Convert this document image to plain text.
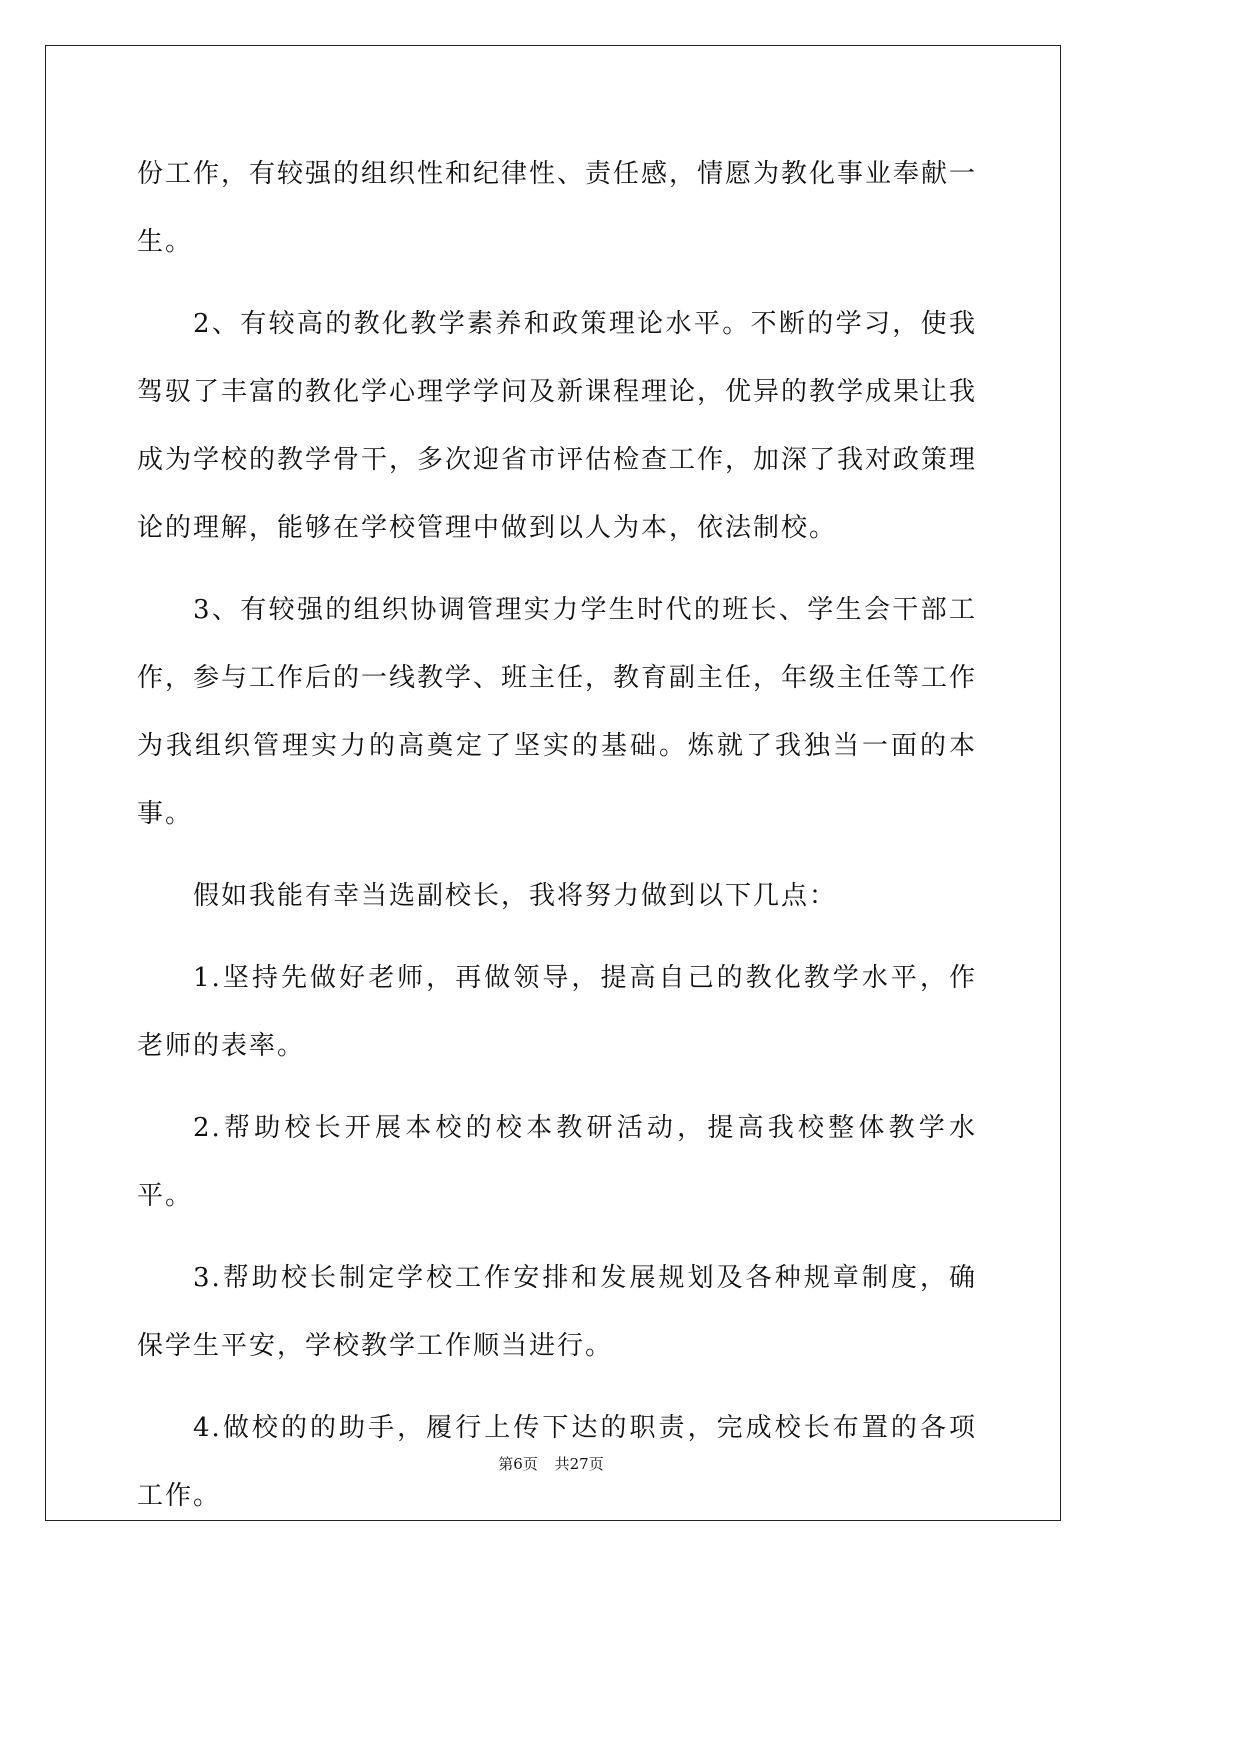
份工作，有较强的组织性和纪律性、责任感，情愿为教化事业奉献一生。

2、有较高的教化教学素养和政策理论水平。不断的学习，使我驾驭了丰富的教化学心理学学问及新课程理论，优异的教学成果让我成为学校的教学骨干，多次迎省市评估检查工作，加深了我对政策理论的理解，能够在学校管理中做到以人为本，依法制校。

3、有较强的组织协调管理实力学生时代的班长、学生会干部工作，参与工作后的一线教学、班主任，教育副主任，年级主任等工作为我组织管理实力的高奠定了坚实的基础。炼就了我独当一面的本事。

假如我能有幸当选副校长，我将努力做到以下几点：

1.坚持先做好老师，再做领导，提高自己的教化教学水平，作老师的表率。

2.帮助校长开展本校的校本教研活动，提高我校整体教学水平。

3.帮助校长制定学校工作安排和发展规划及各种规章制度，确保学生平安，学校教学工作顺当进行。

4.做校的的助手，履行上传下达的职责，完成校长布置的各项工作。

第6页 共27页
